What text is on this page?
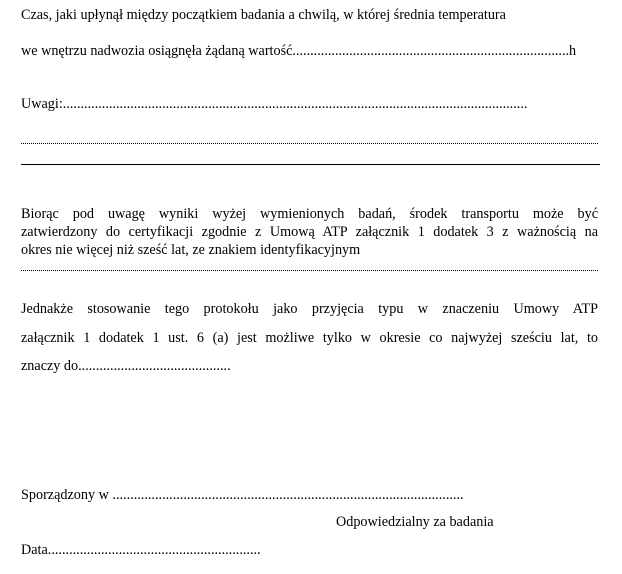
Czas, jaki upłynął między początkiem badania a chwilą, w której średnia temperatura
we wnętrzu nadwozia osiągnęła żądaną wartość..............................................................................h
Uwagi:...................................................................................................................................
Biorąc pod uwagę wyniki wyżej wymienionych badań, środek transportu może być
zatwierdzony do certyfikacji zgodnie z Umową ATP załącznik 1 dodatek 3 z ważnością na
okres nie więcej niż sześć lat, ze znakiem identyfikacyjnym
Jednakże stosowanie tego protokołu jako przyjęcia typu w znaczeniu Umowy ATP
załącznik 1 dodatek 1 ust. 6 (a) jest możliwe tylko w okresie co najwyżej sześciu lat, to
znaczy do...........................................
Sporządzony w ...................................................................................................
Odpowiedzialny za badania
Data............................................................
